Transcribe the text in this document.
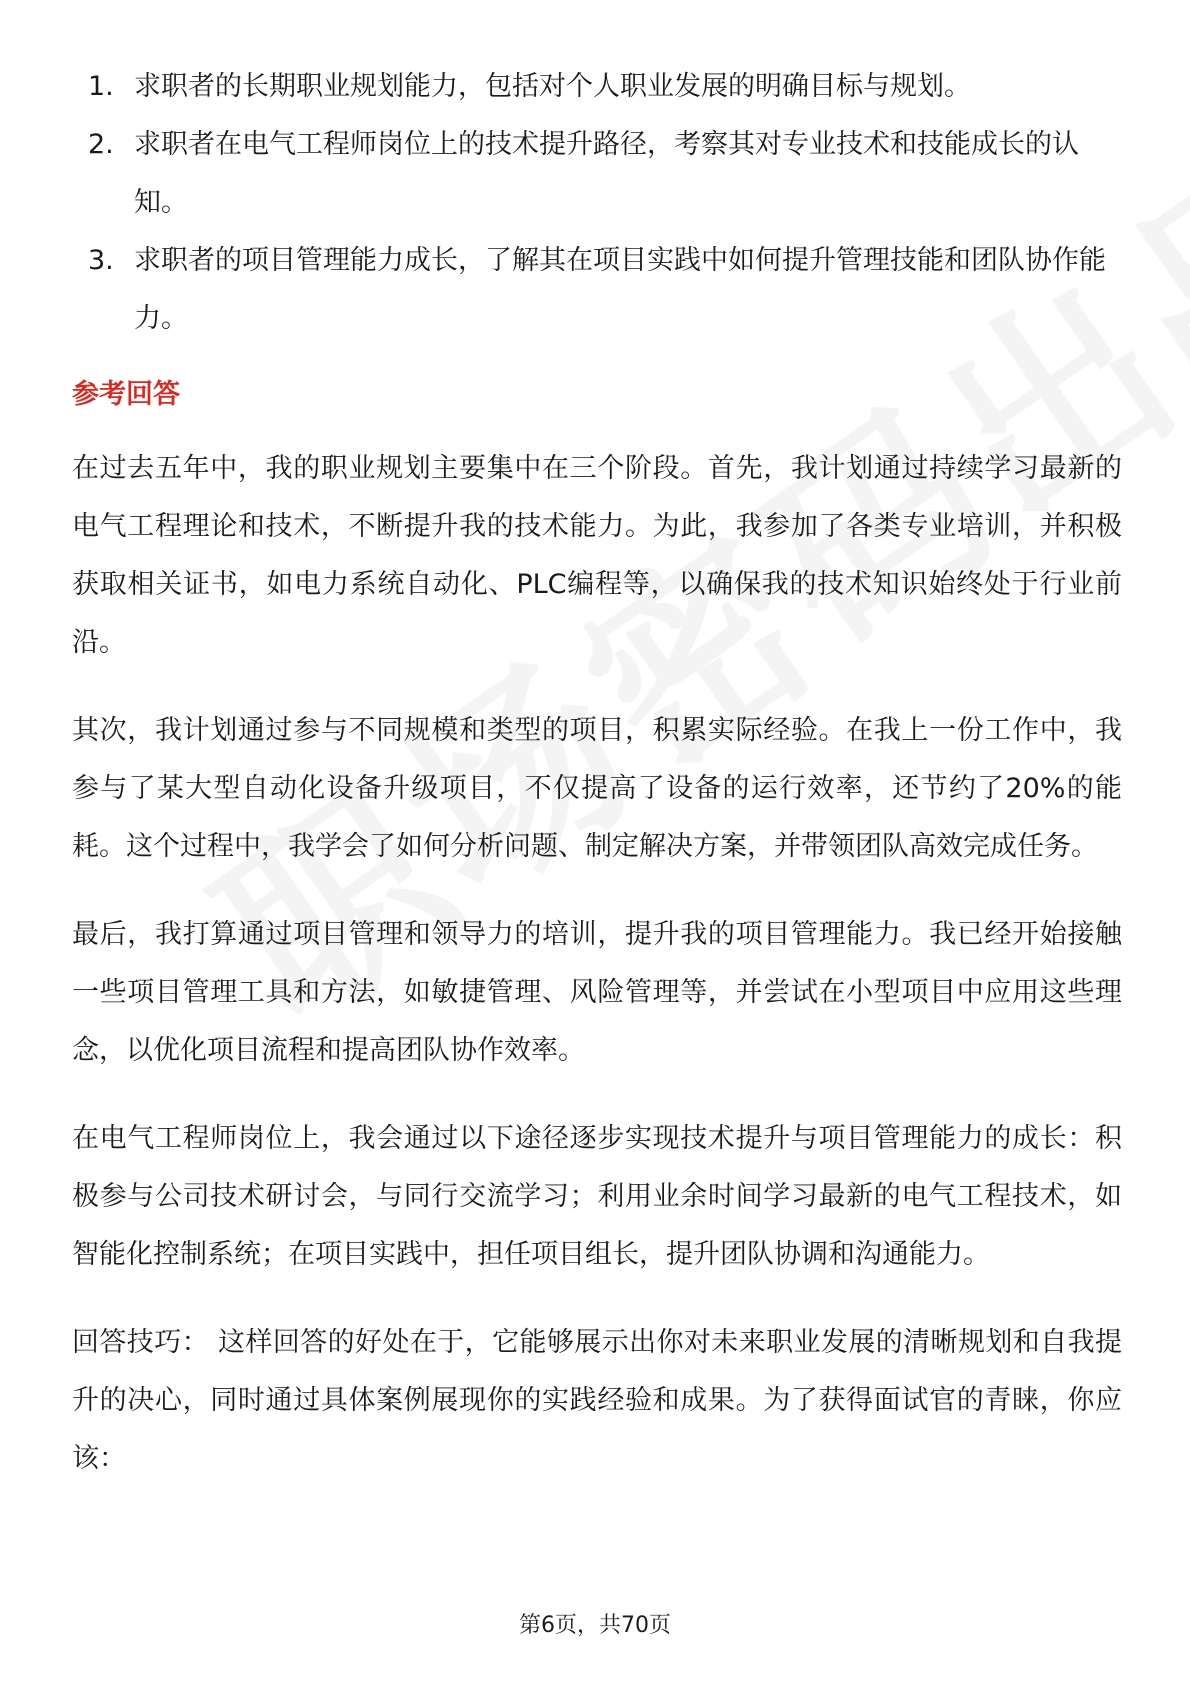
1. 求职者的长期职业规划能力，包括对个人职业发展的明确目标与规划。
2. 求职者在电气工程师岗位上的技术提升路径，考察其对专业技术和技能成长的认知。
3. 求职者的项目管理能力成长，了解其在项目实践中如何提升管理技能和团队协作能力。
参考回答

在过去五年中，我的职业规划主要集中在三个阶段。首先，我计划通过持续学习最新的电气工程理论和技术，不断提升我的技术能力。为此，我参加了各类专业培训，并积极获取相关证书，如电力系统自动化、PLC编程等，以确保我的技术知识始终处于行业前沿。

其次，我计划通过参与不同规模和类型的项目，积累实际经验。在我上一份工作中，我参与了某大型自动化设备升级项目，不仅提高了设备的运行效率，还节约了20%的能耗。这个过程中，我学会了如何分析问题、制定解决方案，并带领团队高效完成任务。

最后，我打算通过项目管理和领导力的培训，提升我的项目管理能力。我已经开始接触一些项目管理工具和方法，如敏捷管理、风险管理等，并尝试在小型项目中应用这些理念，以优化项目流程和提高团队协作效率。

在电气工程师岗位上，我会通过以下途径逐步实现技术提升与项目管理能力的成长：积极参与公司技术研讨会，与同行交流学习；利用业余时间学习最新的电气工程技术，如智能化控制系统；在项目实践中，担任项目组长，提升团队协调和沟通能力。

回答技巧： 这样回答的好处在于，它能够展示出你对未来职业发展的清晰规划和自我提升的决心，同时通过具体案例展现你的实践经验和成果。为了获得面试官的青睐，你应该：

第6页，共70页
